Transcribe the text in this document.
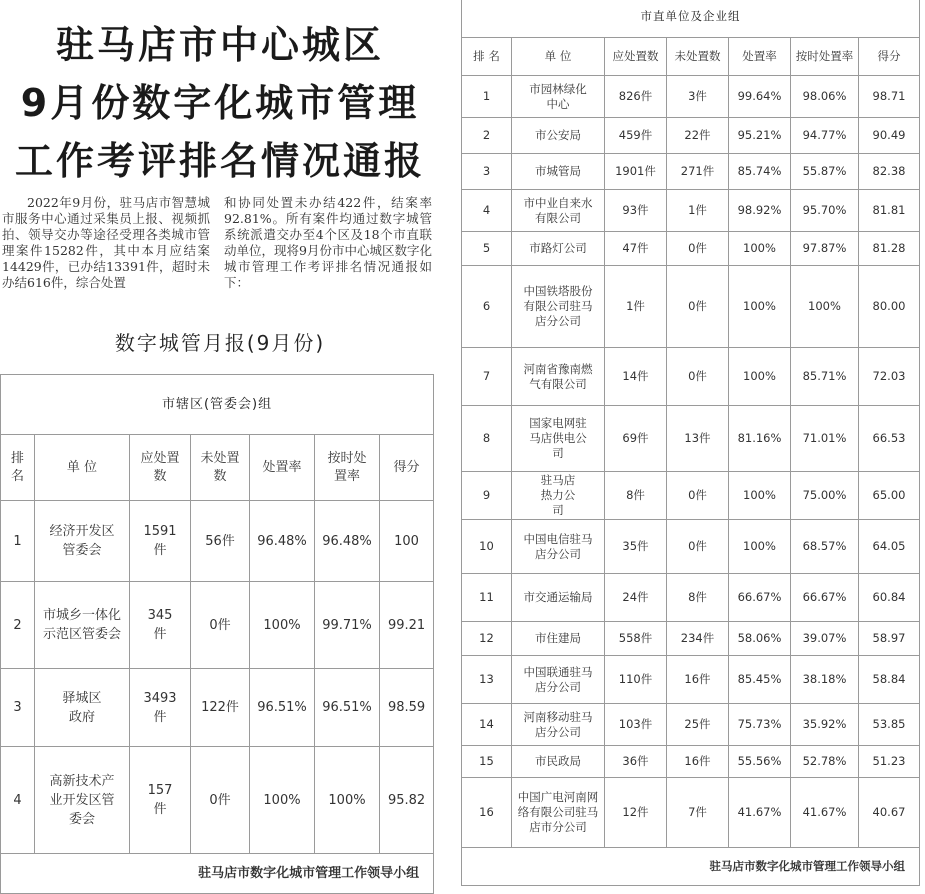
驻马店市中心城区
9月份数字化城市管理
工作考评排名情况通报

2022年9月份，驻马店市智慧城市服务中心通过采集员上报、视频抓拍、领导交办等途径受理各类城市管理案件15282件，其中本月应结案14429件，已办结13391件，超时未办结616件，综合处置

和协同处置未办结422件，结案率92.81%。所有案件均通过数字城管系统派遣交办至4个区及18个市直联动单位，现将9月份市中心城区数字化城市管理工作考评排名情况通报如下：

数字城管月报(9月份)
市辖区(管委会)组						
排名	单 位	应处置数	未处置数	处置率	按时处置率	得分
1	经济开发区管委会	1591件	56件	96.48%	96.48%	100
2	市城乡一体化示范区管委会	345件	0件	100%	99.71%	99.21
3	驿城区政府	3493件	122件	96.51%	96.51%	98.59
4	高新技术产业开发区管委会	157件	0件	100%	100%	95.82
驻马店市数字化城市管理工作领导小组						
市直单位及企业组						
排 名	单 位	应处置数	未处置数	处置率	按时处置率	得分
1	市园林绿化中心	826件	3件	99.64%	98.06%	98.71
2	市公安局	459件	22件	95.21%	94.77%	90.49
3	市城管局	1901件	271件	85.74%	55.87%	82.38
4	市中业自来水有限公司	93件	1件	98.92%	95.70%	81.81
5	市路灯公司	47件	0件	100%	97.87%	81.28
6	中国铁塔股份有限公司驻马店分公司	1件	0件	100%	100%	80.00
7	河南省豫南燃气有限公司	14件	0件	100%	85.71%	72.03
8	国家电网驻马店供电公司	69件	13件	81.16%	71.01%	66.53
9	驻马店热力公司	8件	0件	100%	75.00%	65.00
10	中国电信驻马店分公司	35件	0件	100%	68.57%	64.05
11	市交通运输局	24件	8件	66.67%	66.67%	60.84
12	市住建局	558件	234件	58.06%	39.07%	58.97
13	中国联通驻马店分公司	110件	16件	85.45%	38.18%	58.84
14	河南移动驻马店分公司	103件	25件	75.73%	35.92%	53.85
15	市民政局	36件	16件	55.56%	52.78%	51.23
16	中国广电河南网络有限公司驻马店市分公司	12件	7件	41.67%	41.67%	40.67
驻马店市数字化城市管理工作领导小组						
